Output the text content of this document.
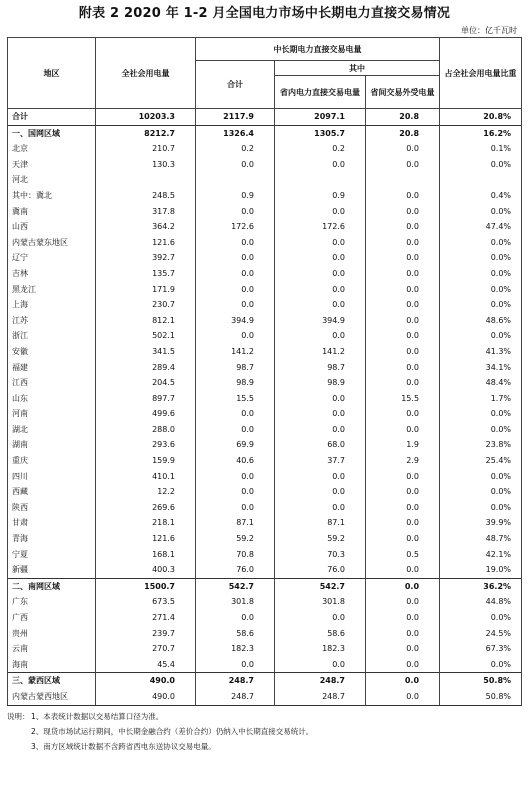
附表 2 2020 年 1-2 月全国电力市场中长期电力直接交易情况
单位：亿千瓦时
地区	全社会用电量	中长期电力直接交易电量			占全社会用电量比重
		合计	其中		
			省内电力直接交易电量	省间交易外受电量	
合计	10203.3	2117.9	2097.1	20.8	20.8%
一、国网区域	8212.7	1326.4	1305.7	20.8	16.2%
北京	210.7	0.2	0.2	0.0	0.1%
天津	130.3	0.0	0.0	0.0	0.0%
河北					
其中：冀北	248.5	0.9	0.9	0.0	0.4%
冀南	317.8	0.0	0.0	0.0	0.0%
山西	364.2	172.6	172.6	0.0	47.4%
内蒙古蒙东地区	121.6	0.0	0.0	0.0	0.0%
辽宁	392.7	0.0	0.0	0.0	0.0%
吉林	135.7	0.0	0.0	0.0	0.0%
黑龙江	171.9	0.0	0.0	0.0	0.0%
上海	230.7	0.0	0.0	0.0	0.0%
江苏	812.1	394.9	394.9	0.0	48.6%
浙江	502.1	0.0	0.0	0.0	0.0%
安徽	341.5	141.2	141.2	0.0	41.3%
福建	289.4	98.7	98.7	0.0	34.1%
江西	204.5	98.9	98.9	0.0	48.4%
山东	897.7	15.5	0.0	15.5	1.7%
河南	499.6	0.0	0.0	0.0	0.0%
湖北	288.0	0.0	0.0	0.0	0.0%
湖南	293.6	69.9	68.0	1.9	23.8%
重庆	159.9	40.6	37.7	2.9	25.4%
四川	410.1	0.0	0.0	0.0	0.0%
西藏	12.2	0.0	0.0	0.0	0.0%
陕西	269.6	0.0	0.0	0.0	0.0%
甘肃	218.1	87.1	87.1	0.0	39.9%
青海	121.6	59.2	59.2	0.0	48.7%
宁夏	168.1	70.8	70.3	0.5	42.1%
新疆	400.3	76.0	76.0	0.0	19.0%
二、南网区域	1500.7	542.7	542.7	0.0	36.2%
广东	673.5	301.8	301.8	0.0	44.8%
广西	271.4	0.0	0.0	0.0	0.0%
贵州	239.7	58.6	58.6	0.0	24.5%
云南	270.7	182.3	182.3	0.0	67.3%
海南	45.4	0.0	0.0	0.0	0.0%
三、蒙西区域	490.0	248.7	248.7	0.0	50.8%
内蒙古蒙西地区	490.0	248.7	248.7	0.0	50.8%
说明： 1、本表统计数据以交易结算口径为准。
2、现货市场试运行期间，中长期金融合约（差价合约）仍纳入中长期直接交易统计。
3、南方区域统计数据不含跨省西电东送协议交易电量。
